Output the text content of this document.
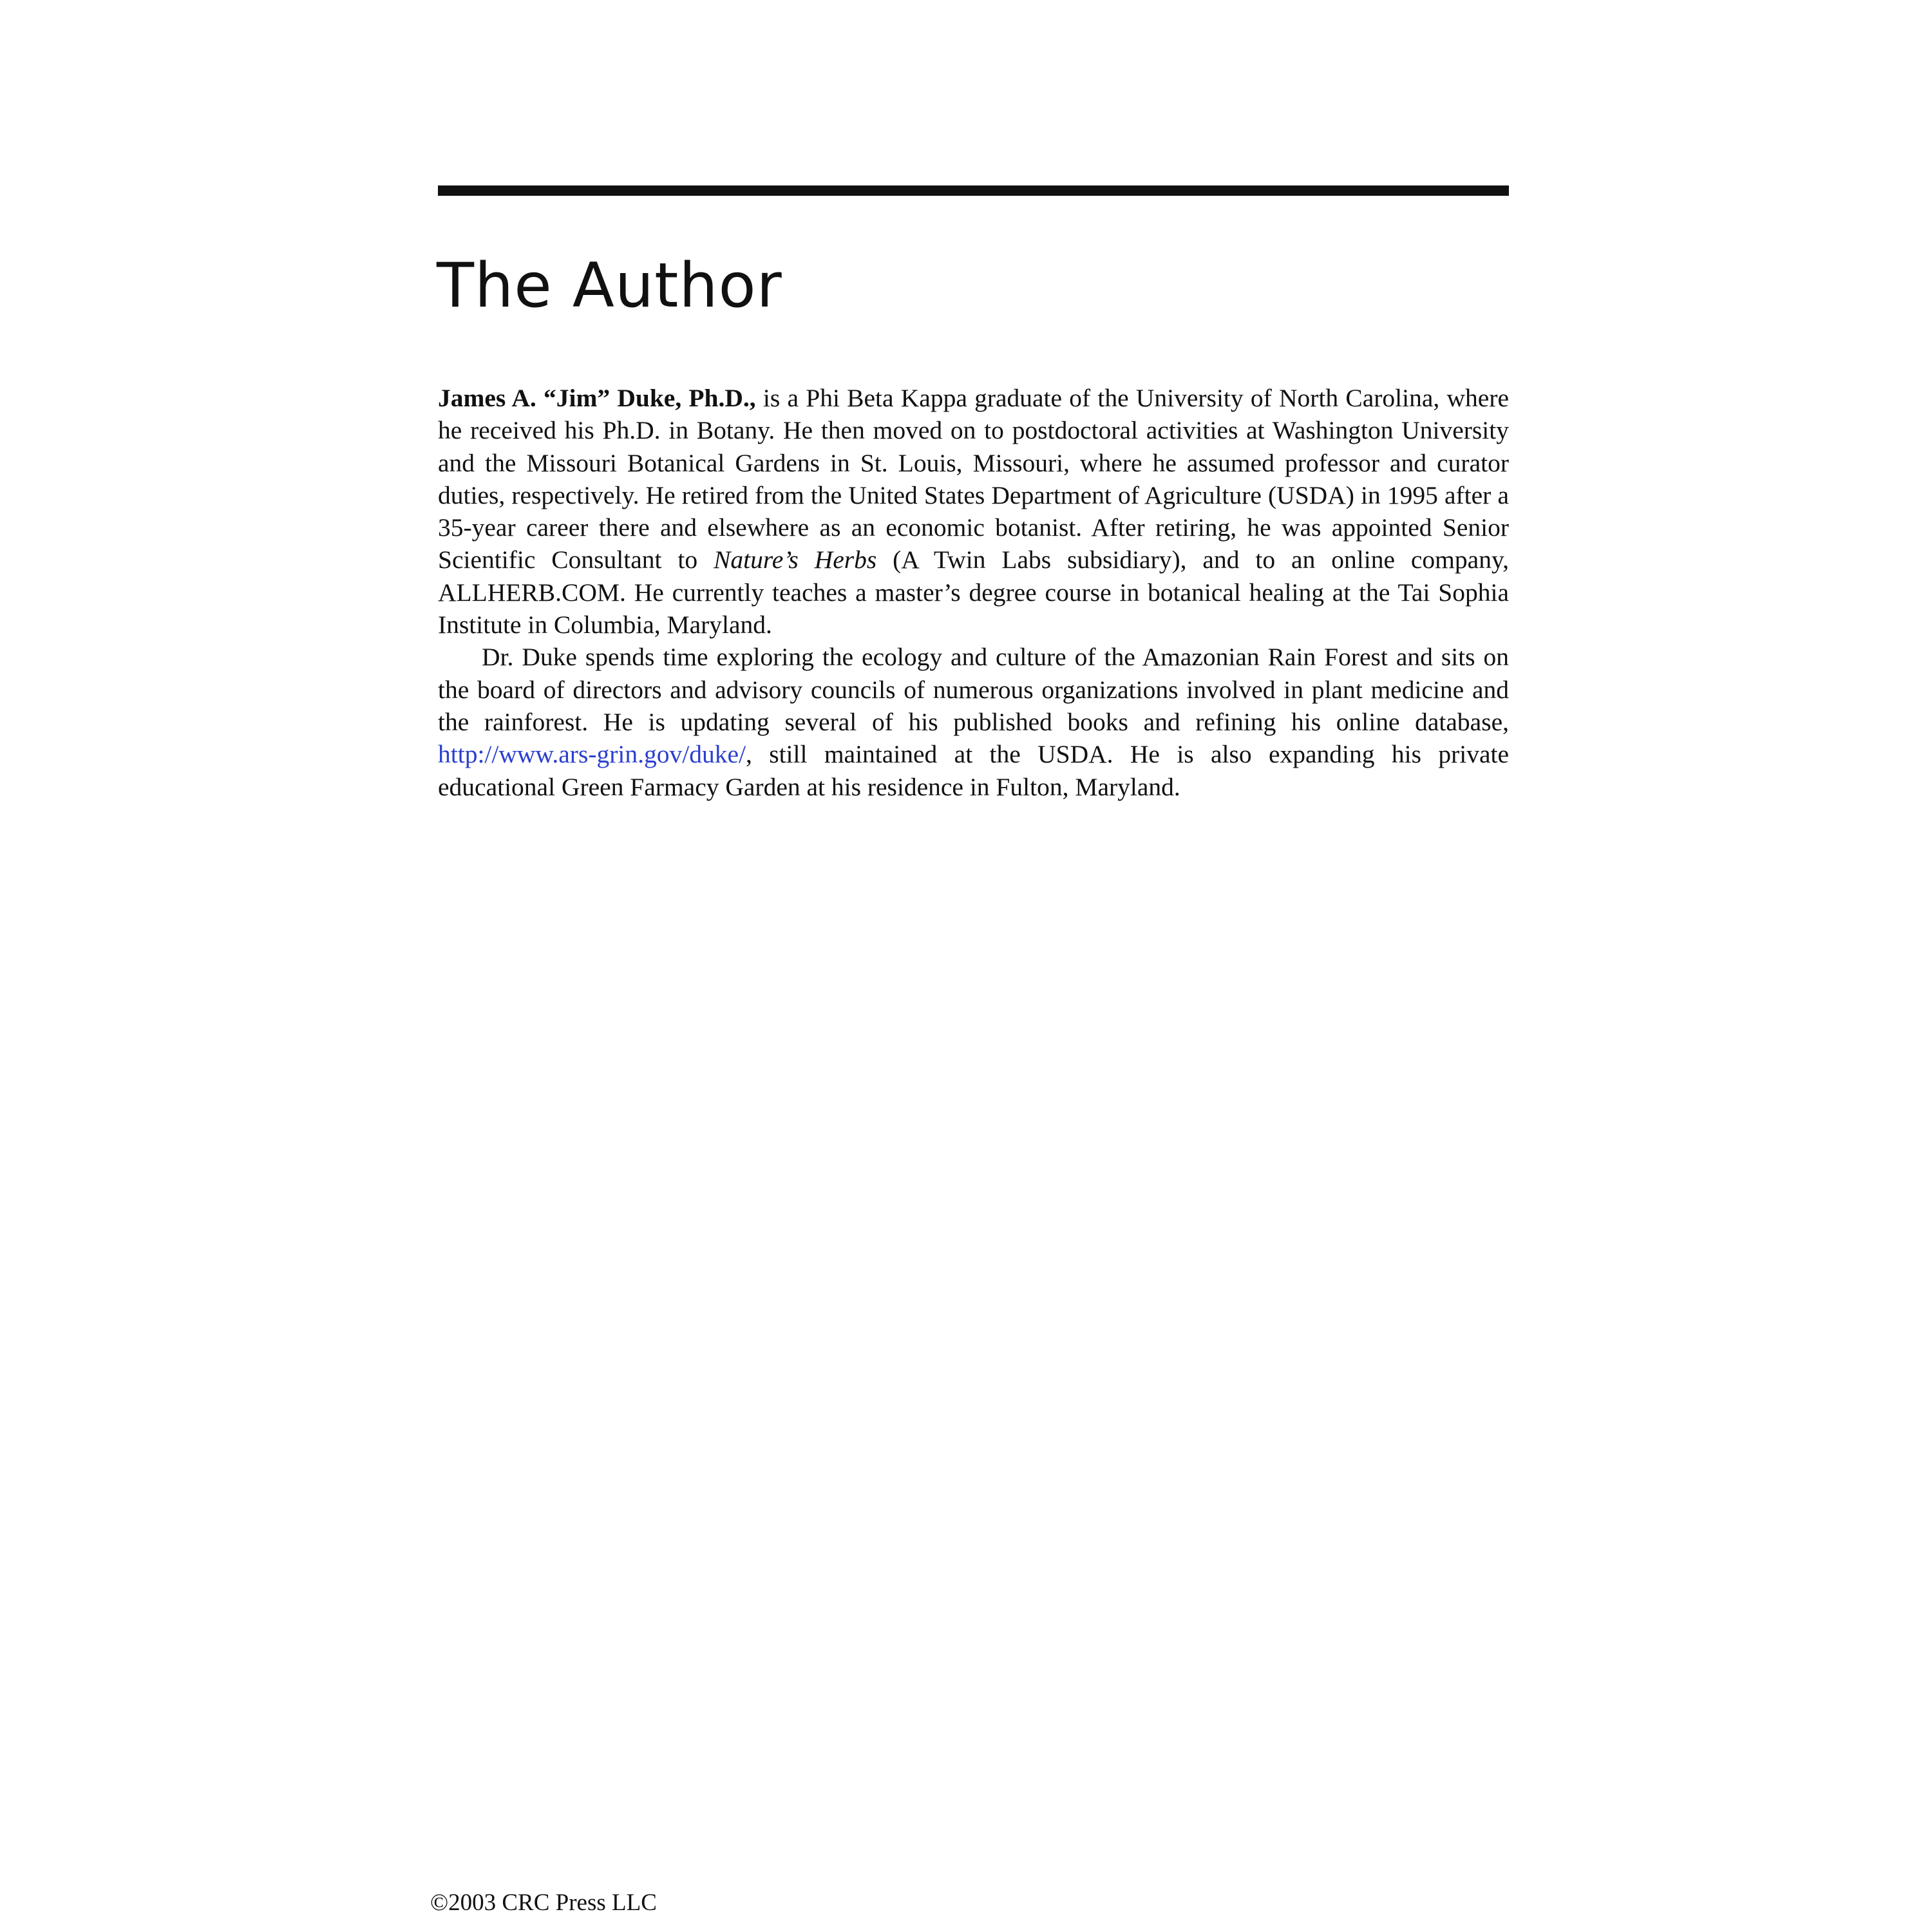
The Author

James A. “Jim” Duke, Ph.D., is a Phi Beta Kappa graduate of the University of North Carolina, where he received his Ph.D. in Botany. He then moved on to postdoctoral activities at Washington University and the Missouri Botanical Gardens in St. Louis, Missouri, where he assumed professor and curator duties, respectively. He retired from the United States Department of Agriculture (USDA) in 1995 after a 35-year career there and elsewhere as an economic botanist. After retiring, he was appointed Senior Scientific Consultant to Nature’s Herbs (A Twin Labs subsidiary), and to an online company, ALLHERB.COM. He currently teaches a master’s degree course in botanical healing at the Tai Sophia Institute in Columbia, Maryland.

Dr. Duke spends time exploring the ecology and culture of the Amazonian Rain Forest and sits on the board of directors and advisory councils of numerous organizations involved in plant medicine and the rainforest. He is updating several of his published books and refining his online database, http://www.ars-grin.gov/duke/, still maintained at the USDA. He is also expanding his private educational Green Farmacy Garden at his residence in Fulton, Maryland.

©2003 CRC Press LLC
